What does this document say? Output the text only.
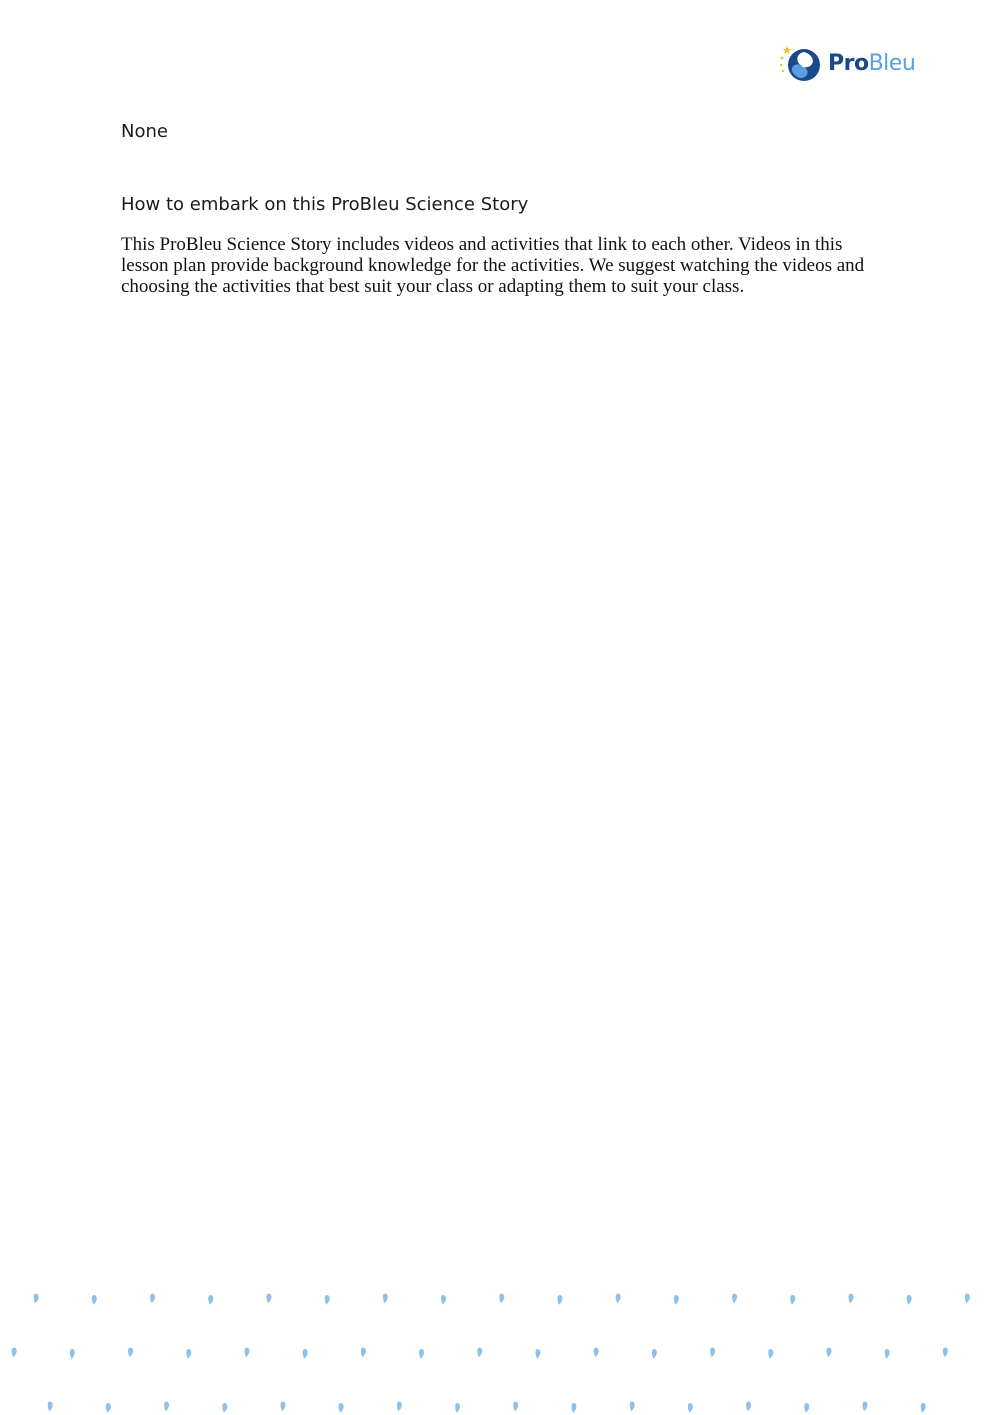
ProBleu

None

How to embark on this ProBleu Science Story

This ProBleu Science Story includes videos and activities that link to each other. Videos in this lesson plan provide background knowledge for the activities. We suggest watching the videos and choosing the activities that best suit your class or adapting them to suit your class.
